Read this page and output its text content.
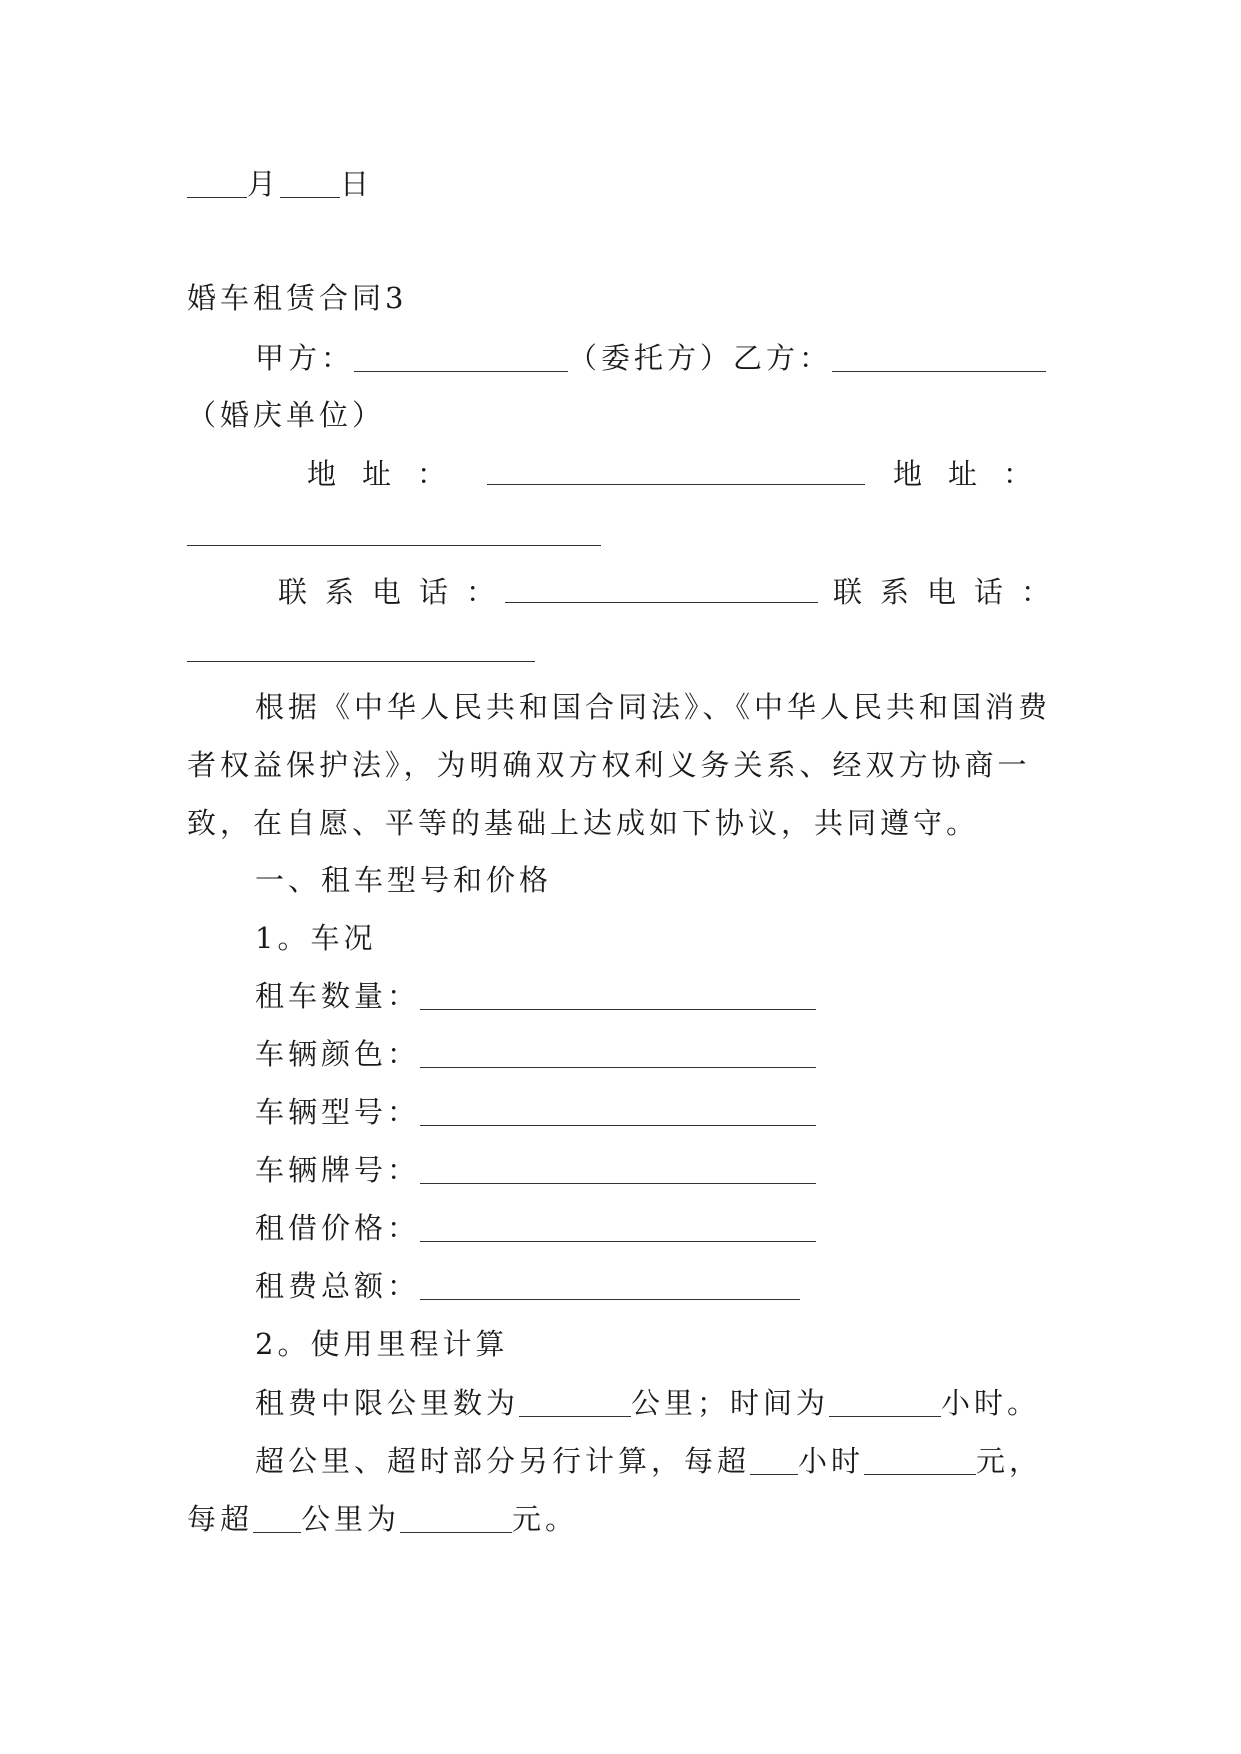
月 日
婚车租赁合同3
甲方：	（委托方）乙方：
（婚庆单位）
地址：	地址：
联系电话：	联系电话：
根据《中华人民共和国合同法》、《中华人民共和国消费
者权益保护法》，为明确双方权利义务关系、经双方协商一
致，在自愿、平等的基础上达成如下协议，共同遵守。
一、租车型号和价格
1。车况
租车数量：
车辆颜色：
车辆型号：
车辆牌号：
租借价格：
租费总额：
2。使用里程计算
租费中限公里数为	公里；时间为	小时。
超公里、超时部分另行计算，每超 小时	元，
每超 公里为	元。
